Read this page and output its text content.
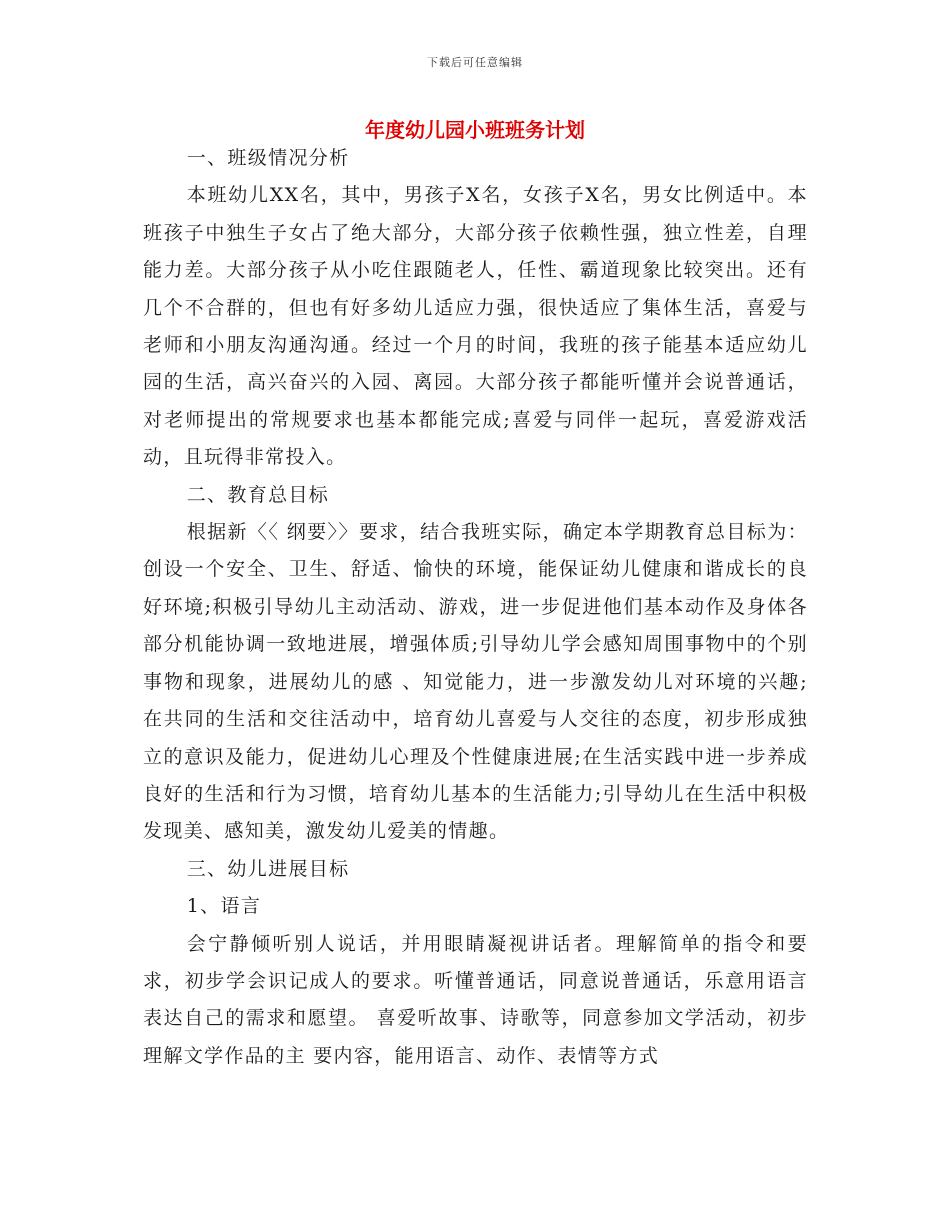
下载后可任意编辑
年度幼儿园小班班务计划

一、班级情况分析

本班幼儿XX名，其中，男孩子X名，女孩子X名，男女比例适中。本班孩子中独生子女占了绝大部分，大部分孩子依赖性强，独立性差，自理能力差。大部分孩子从小吃住跟随老人，任性、霸道现象比较突出。还有几个不合群的，但也有好多幼儿适应力强，很快适应了集体生活，喜爱与老师和小朋友沟通沟通。经过一个月的时间，我班的孩子能基本适应幼儿园的生活，高兴奋兴的入园、离园。大部分孩子都能听懂并会说普通话，对老师提出的常规要求也基本都能完成;喜爱与同伴一起玩，喜爱游戏活动，且玩得非常投入。

二、教育总目标

根据新〈〈 纲要〉〉要求，结合我班实际，确定本学期教育总目标为：创设一个安全、卫生、舒适、愉快的环境，能保证幼儿健康和谐成长的良好环境;积极引导幼儿主动活动、游戏，进一步促进他们基本动作及身体各部分机能协调一致地进展，增强体质;引导幼儿学会感知周围事物中的个别事物和现象，进展幼儿的感 、知觉能力，进一步激发幼儿对环境的兴趣;在共同的生活和交往活动中，培育幼儿喜爱与人交往的态度，初步形成独立的意识及能力，促进幼儿心理及个性健康进展;在生活实践中进一步养成良好的生活和行为习惯，培育幼儿基本的生活能力;引导幼儿在生活中积极发现美、感知美，激发幼儿爱美的情趣。

三、幼儿进展目标

1、语言

会宁静倾听别人说话，并用眼睛凝视讲话者。理解简单的指令和要求，初步学会识记成人的要求。听懂普通话，同意说普通话，乐意用语言表达自己的需求和愿望。 喜爱听故事、诗歌等，同意参加文学活动，初步理解文学作品的主 要内容，能用语言、动作、表情等方式
